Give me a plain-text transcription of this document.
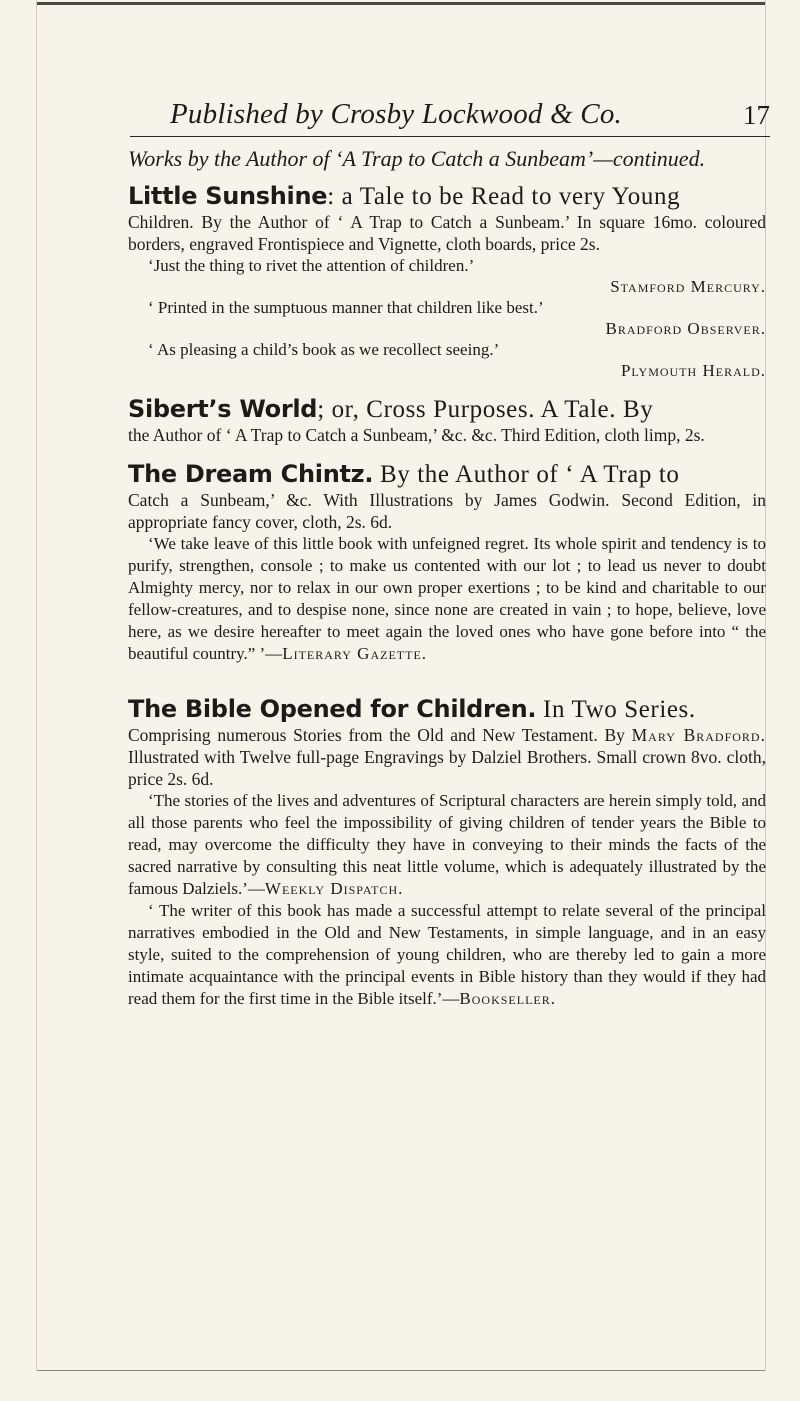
Published by Crosby Lockwood & Co.	17

Works by the Author of ‘A Trap to Catch a Sunbeam’—continued.

Little Sunshine: a Tale to be Read to very Young

Children. By the Author of ‘ A Trap to Catch a Sunbeam.’ In square 16mo. coloured borders, engraved Frontispiece and Vignette, cloth boards, price 2s.

‘Just the thing to rivet the attention of children.’

Stamford Mercury.

‘ Printed in the sumptuous manner that children like best.’

Bradford Observer.

‘ As pleasing a child’s book as we recollect seeing.’

Plymouth Herald.

Sibert’s World; or, Cross Purposes. A Tale. By

the Author of ‘ A Trap to Catch a Sunbeam,’ &c. &c. Third Edition, cloth limp, 2s.

The Dream Chintz. By the Author of ‘ A Trap to

Catch a Sunbeam,’ &c. With Illustrations by James Godwin. Second Edition, in appropriate fancy cover, cloth, 2s. 6d.

‘We take leave of this little book with unfeigned regret. Its whole spirit and tendency is to purify, strengthen, console ; to make us contented with our lot ; to lead us never to doubt Almighty mercy, nor to relax in our own proper exertions ; to be kind and charitable to our fellow-creatures, and to despise none, since none are created in vain ; to hope, believe, love here, as we desire hereafter to meet again the loved ones who have gone before into “ the beautiful country.” ’—Literary Gazette.

The Bible Opened for Children. In Two Series.

Comprising numerous Stories from the Old and New Testament. By Mary Bradford. Illustrated with Twelve full-page Engravings by Dalziel Brothers. Small crown 8vo. cloth, price 2s. 6d.

‘The stories of the lives and adventures of Scriptural characters are herein simply told, and all those parents who feel the impossibility of giving children of tender years the Bible to read, may overcome the difficulty they have in conveying to their minds the facts of the sacred narrative by consulting this neat little volume, which is adequately illustrated by the famous Dalziels.’—Weekly Dispatch.

‘ The writer of this book has made a successful attempt to relate several of the principal narratives embodied in the Old and New Testaments, in simple language, and in an easy style, suited to the comprehension of young children, who are thereby led to gain a more intimate acquaintance with the principal events in Bible history than they would if they had read them for the first time in the Bible itself.’—Bookseller.
